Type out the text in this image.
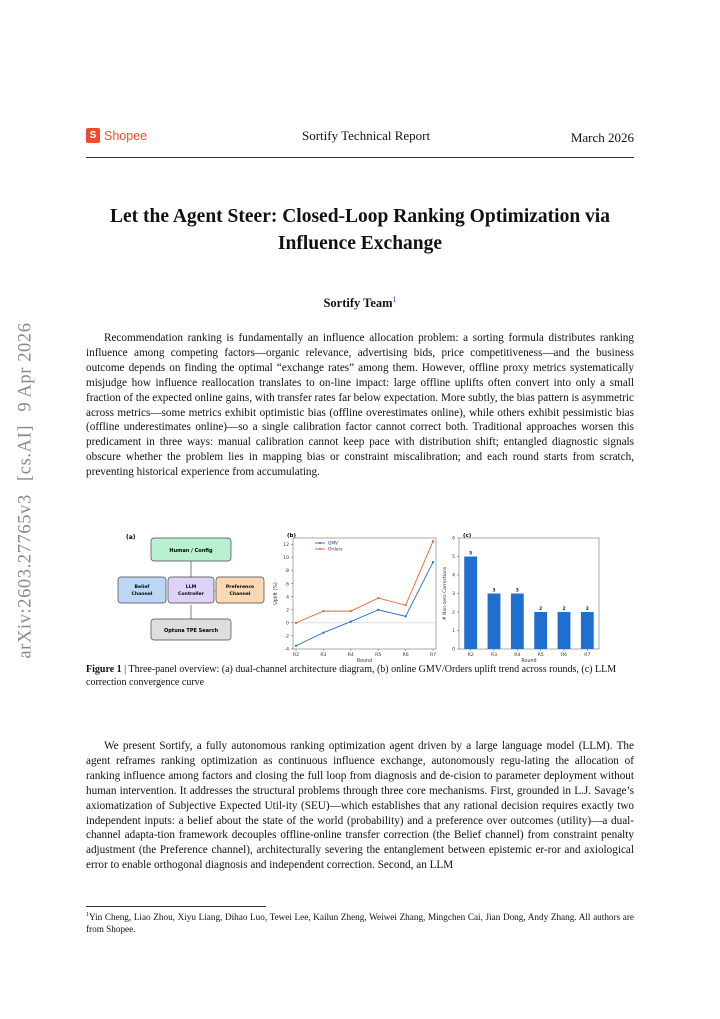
S Shopee	Sortify Technical Report	March 2026
arXiv:2603.27765v3 [cs.AI] 9 Apr 2026
Let the Agent Steer: Closed-Loop Ranking Optimization via
Influence Exchange
Sortify Team$^1$

Recommendation ranking is fundamentally an influence allocation problem: a sorting formula distributes ranking influence among competing factors—organic relevance, advertising bids, price competitiveness—and the business outcome depends on finding the optimal “exchange rates” among them. However, offline proxy metrics systematically misjudge how influence reallocation translates to on-line impact: large offline uplifts often convert into only a small fraction of the expected online gains, with transfer rates far below expectation. More subtly, the bias pattern is asymmetric across metrics—some metrics exhibit optimistic bias (offline overestimates online), while others exhibit pessimistic bias (offline underestimates online)—so a single calibration factor cannot correct both. Traditional approaches worsen this predicament in three ways: manual calibration cannot keep pace with distribution shift; entangled diagnostic signals obscure whether the problem lies in mapping bias or constraint miscalibration; and each round starts from scratch, preventing historical experience from accumulating.

(a)
Human / Config
Belief
Channel
LLM
Controller
Preference
Channel
Optuna TPE Search
(b)
-4
-2
0
2
4
6
8
10
12
R2	R3	R4	R5	R6	R7
Round
Uplift (%)
GMV
Orders
(c)
0
1
2
3
4
5
6
5
R2
3
R3
3
R4
2
R5
2
R6
2
R7
Round
# Non-zero Corrections
Figure 1 | Three-panel overview: (a) dual-channel architecture diagram, (b) online GMV/Orders uplift trend across rounds, (c) LLM correction convergence curve

We present Sortify, a fully autonomous ranking optimization agent driven by a large language model (LLM). The agent reframes ranking optimization as continuous influence exchange, autonomously regu-lating the allocation of ranking influence among factors and closing the full loop from diagnosis and de-cision to parameter deployment without human intervention. It addresses the structural problems through three core mechanisms. First, grounded in L.J. Savage’s axiomatization of Subjective Expected Util-ity (SEU)—which establishes that any rational decision requires exactly two independent inputs: a belief about the state of the world (probability) and a preference over outcomes (utility)—a dual-channel adapta-tion framework decouples offline-online transfer correction (the Belief channel) from constraint penalty adjustment (the Preference channel), architecturally severing the entanglement between epistemic er-ror and axiological error to enable orthogonal diagnosis and independent correction. Second, an LLM

$^1$Yin Cheng, Liao Zhou, Xiyu Liang, Dihao Luo, Tewei Lee, Kailun Zheng, Weiwei Zhang, Mingchen Cai, Jian Dong, Andy Zhang. All authors are from Shopee.
